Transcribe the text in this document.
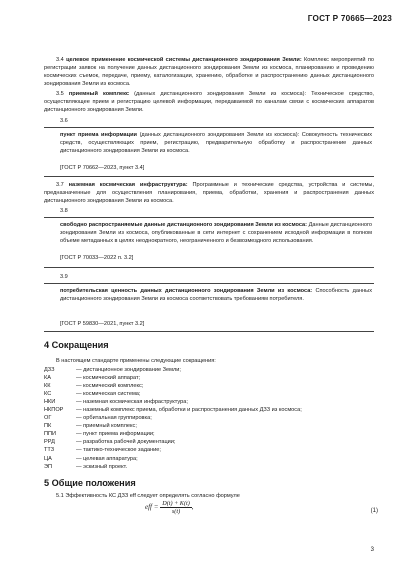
ГОСТ Р 70665—2023
3.4 целевое применение космической системы дистанционного зондирования Земли: Комплекс мероприятий по регистрации заявок на получение данных дистанционного зондирования Земли из космоса, планированию и проведению космических съемок, передаче, приему, каталогизации, хранению, обработке и распространению данных дистанционного зондирования Земли из космоса.
3.5 приемный комплекс (данных дистанционного зондирования Земли из космоса): Техническое средство, осуществляющее прием и регистрацию целевой информации, передаваемой по каналам связи с космических аппаратов дистанционного зондирования Земли.
3.6
пункт приема информации (данных дистанционного зондирования Земли из космоса): Совокупность технических средств, осуществляющих прием, регистрацию, предварительную обработку и распространение данных дистанционного зондирования Земли из космоса.
[ГОСТ Р 70662—2023, пункт 3.4]
3.7 наземная космическая инфраструктура: Программные и технические средства, устройства и системы, предназначенные для осуществления планирования, приема, обработки, хранения и распространения данных дистанционного зондирования Земли из космоса.
3.8
свободно распространяемые данные дистанционного зондирования Земли из космоса: Данные дистанционного зондирования Земли из космоса, опубликованные в сети интернет с сохранением исходной информации в полном объеме метаданных в целях неоднократного, неограниченного и безвозмездного использования.
[ГОСТ Р 70033—2022 п. 3.2]
3.9
потребительская ценность данных дистанционного зондирования Земли из космоса: Способность данных дистанционного зондирования Земли из космоса соответствовать требованиям потребителя.
[ГОСТ Р 59830—2021, пункт 3.2]
4 Сокращения
В настоящем стандарте применены следующие сокращения:
ДЗЗ	— дистанционное зондирование Земли;
КА	— космический аппарат;
КК	— космический комплекс;
КС	— космическая система;
НКИ	— наземная космическая инфраструктура;
НКПОР	— наземный комплекс приема, обработки и распространения данных ДЗЗ из космоса;
ОГ	— орбитальная группировка;
ПК	— приемный комплекс;
ППИ	— пункт приема информации;
РРД	— разработка рабочей документации;
ТТЗ	— тактико-техническое задание;
ЦА	— целевая аппаратура;
ЭП	— эскизный проект.
5 Общие положения
5.1 Эффективность КС ДЗЗ eff следует определять согласно формуле
eff = $\frac{D(t) + K(t)}{s(t)}$ ,	(1)
3
